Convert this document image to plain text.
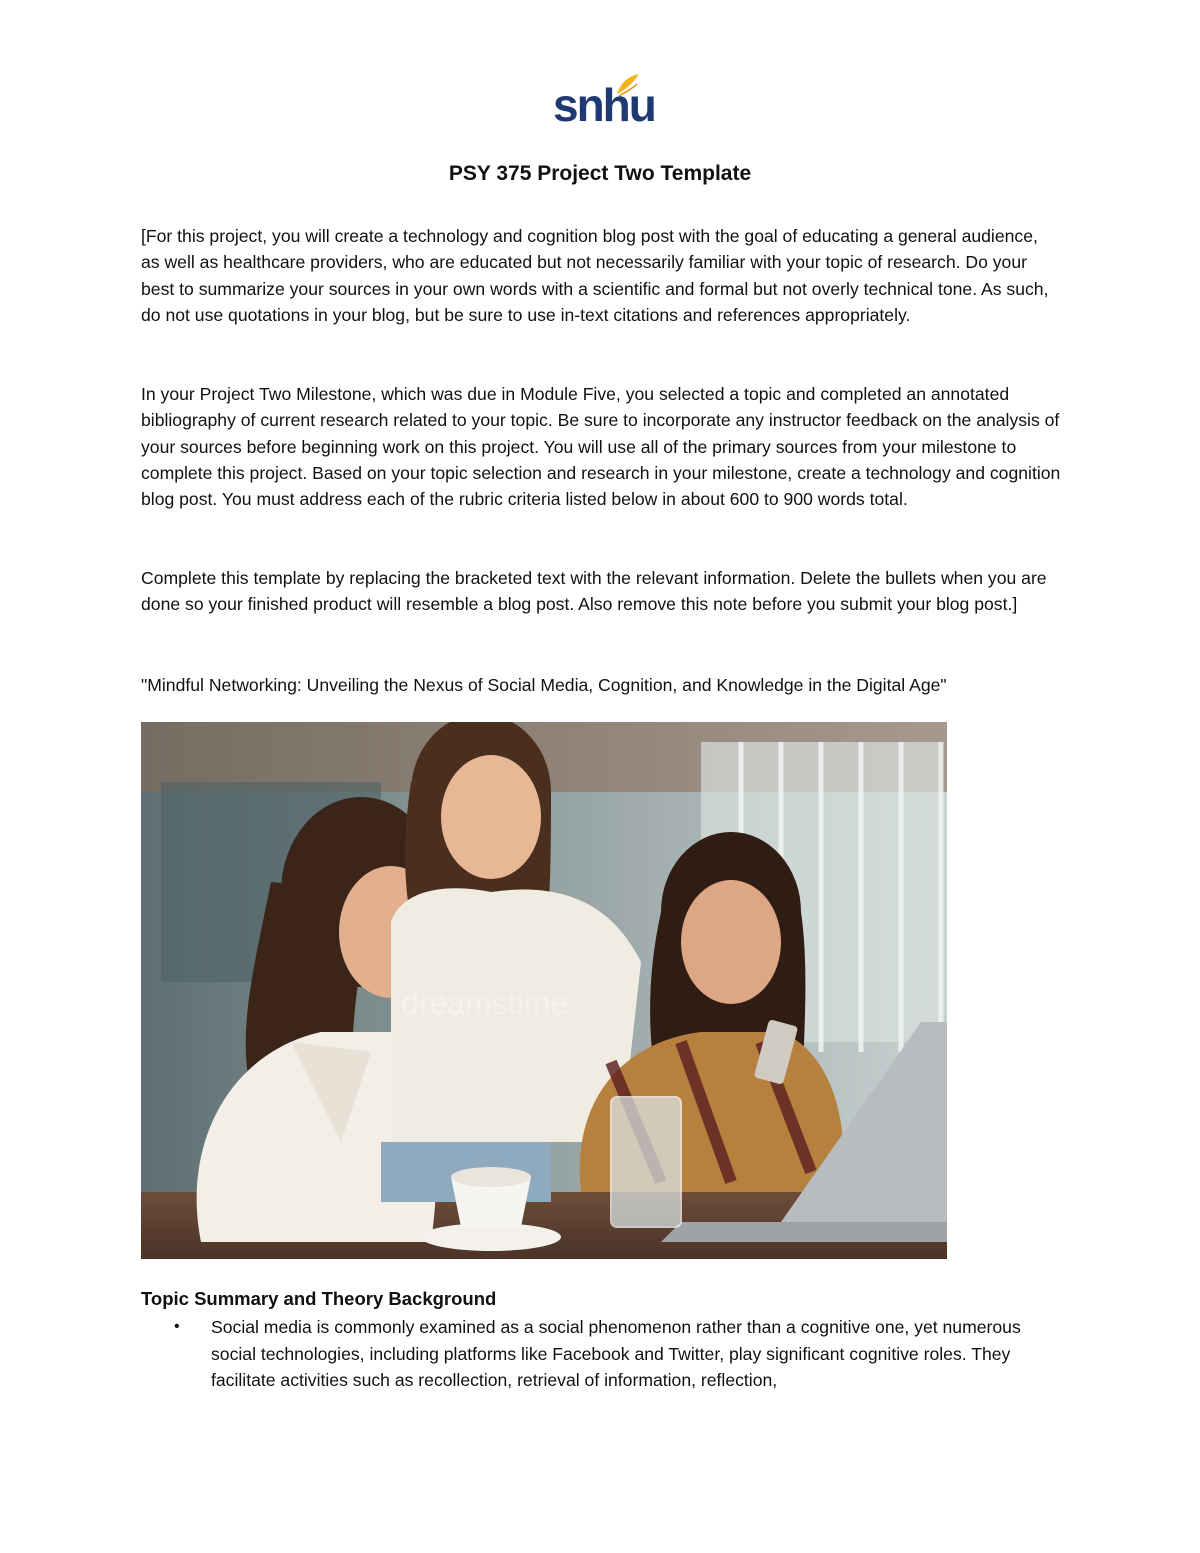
snhu
PSY 375 Project Two Template

[For this project, you will create a technology and cognition blog post with the goal of educating a general audience, as well as healthcare providers, who are educated but not necessarily familiar with your topic of research. Do your best to summarize your sources in your own words with a scientific and formal but not overly technical tone. As such, do not use quotations in your blog, but be sure to use in-text citations and references appropriately.

In your Project Two Milestone, which was due in Module Five, you selected a topic and completed an annotated bibliography of current research related to your topic. Be sure to incorporate any instructor feedback on the analysis of your sources before beginning work on this project. You will use all of the primary sources from your milestone to complete this project. Based on your topic selection and research in your milestone, create a technology and cognition blog post. You must address each of the rubric criteria listed below in about 600 to 900 words total.

Complete this template by replacing the bracketed text with the relevant information. Delete the bullets when you are done so your finished product will resemble a blog post. Also remove this note before you submit your blog post.]

"Mindful Networking: Unveiling the Nexus of Social Media, Cognition, and Knowledge in the Digital Age"

dreamstime
Topic Summary and Theory Background
• Social media is commonly examined as a social phenomenon rather than a cognitive one, yet numerous social technologies, including platforms like Facebook and Twitter, play significant cognitive roles. They facilitate activities such as recollection, retrieval of information, reflection,
